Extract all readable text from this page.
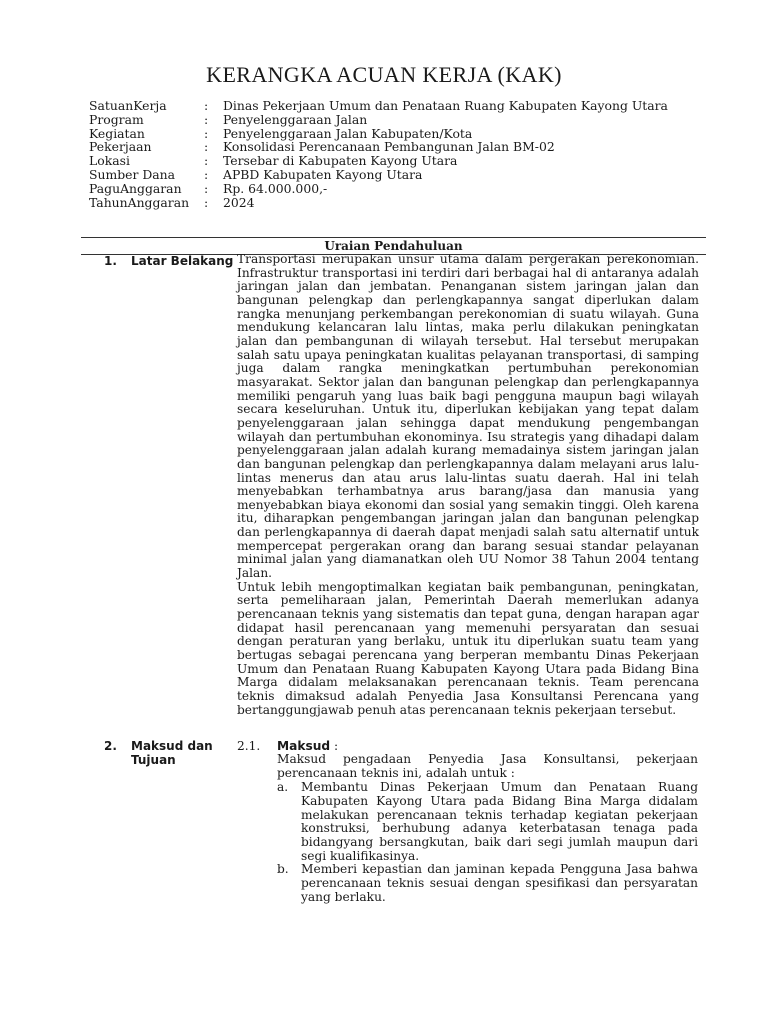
KERANGKA ACUAN KERJA (KAK)
SatuanKerja	:	Dinas Pekerjaan Umum dan Penataan Ruang Kabupaten Kayong Utara
Program	:	Penyelenggaraan Jalan
Kegiatan	:	Penyelenggaraan Jalan Kabupaten/Kota
Pekerjaan	:	Konsolidasi Perencanaan Pembangunan Jalan BM-02
Lokasi	:	Tersebar di Kabupaten Kayong Utara
Sumber Dana	:	APBD Kabupaten Kayong Utara
PaguAnggaran	:	Rp. 64.000.000,-
TahunAnggaran	:	2024
Uraian Pendahuluan
1. Latar Belakang Transportasi merupakan unsur utama dalam pergerakan perekonomian. Infrastruktur transportasi ini terdiri dari berbagai hal di antaranya adalah jaringan jalan dan jembatan. Penanganan sistem jaringan jalan dan bangunan pelengkap dan perlengkapannya sangat diperlukan dalam rangka menunjang perkembangan perekonomian di suatu wilayah. Guna mendukung kelancaran lalu lintas, maka perlu dilakukan peningkatan jalan dan pembangunan di wilayah tersebut. Hal tersebut merupakan salah satu upaya peningkatan kualitas pelayanan transportasi, di samping juga dalam rangka meningkatkan pertumbuhan perekonomian masyarakat. Sektor jalan dan bangunan pelengkap dan perlengkapannya memiliki pengaruh yang luas baik bagi pengguna maupun bagi wilayah secara keseluruhan. Untuk itu, diperlukan kebijakan yang tepat dalam penyelenggaraan jalan sehingga dapat mendukung pengembangan wilayah dan pertumbuhan ekonominya. Isu strategis yang dihadapi dalam penyelenggaraan jalan adalah kurang memadainya sistem jaringan jalan dan bangunan pelengkap dan perlengkapannya dalam melayani arus lalu-lintas menerus dan atau arus lalu-lintas suatu daerah. Hal ini telah menyebabkan terhambatnya arus barang/jasa dan manusia yang menyebabkan biaya ekonomi dan sosial yang semakin tinggi. Oleh karena itu, diharapkan pengembangan jaringan jalan dan bangunan pelengkap dan perlengkapannya di daerah dapat menjadi salah satu alternatif untuk mempercepat pergerakan orang dan barang sesuai standar pelayanan minimal jalan yang diamanatkan oleh UU Nomor 38 Tahun 2004 tentang Jalan.

Untuk lebih mengoptimalkan kegiatan baik pembangunan, peningkatan, serta pemeliharaan jalan, Pemerintah Daerah memerlukan adanya perencanaan teknis yang sistematis dan tepat guna, dengan harapan agar didapat hasil perencanaan yang memenuhi persyaratan dan sesuai dengan peraturan yang berlaku, untuk itu diperlukan suatu team yang bertugas sebagai perencana yang berperan membantu Dinas Pekerjaan Umum dan Penataan Ruang Kabupaten Kayong Utara pada Bidang Bina Marga didalam melaksanakan perencanaan teknis. Team perencana teknis dimaksud adalah Penyedia Jasa Konsultansi Perencana yang bertanggungjawab penuh atas perencanaan teknis pekerjaan tersebut.

2. Maksud dan
Tujuan
2.1. Maksud :
Maksud pengadaan Penyedia Jasa Konsultansi, pekerjaan perencanaan teknis ini, adalah untuk :
a. Membantu Dinas Pekerjaan Umum dan Penataan Ruang Kabupaten Kayong Utara pada Bidang Bina Marga didalam melakukan perencanaan teknis terhadap kegiatan pekerjaan konstruksi, berhubung adanya keterbatasan tenaga pada bidangyang bersangkutan, baik dari segi jumlah maupun dari segi kualifikasinya.
b. Memberi kepastian dan jaminan kepada Pengguna Jasa bahwa perencanaan teknis sesuai dengan spesifikasi dan persyaratan yang berlaku.
